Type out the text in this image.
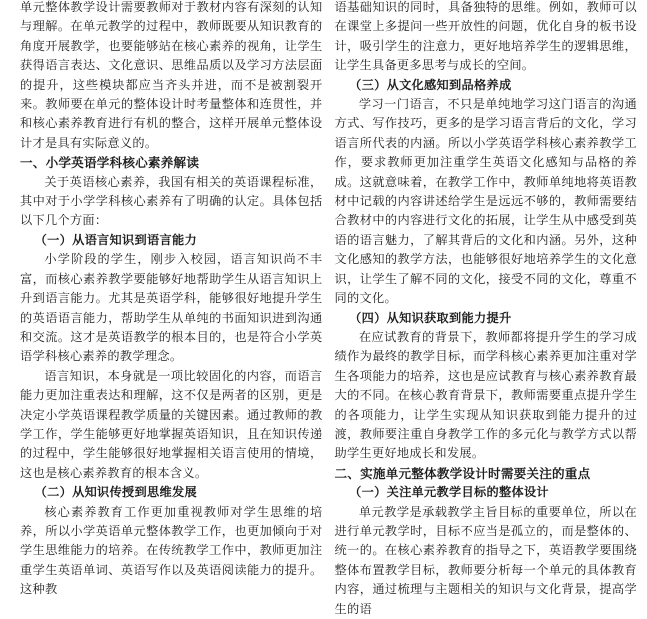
单元整体教学设计需要教师对于教材内容有深刻的认知与理解。在单元教学的过程中，教师既要从知识教育的角度开展教学，也要能够站在核心素养的视角，让学生获得语言表达、文化意识、思维品质以及学习方法层面的提升，这些模块都应当齐头并进，而不是被割裂开来。教师要在单元的整体设计时考量整体和连贯性，并和核心素养教育进行有机的整合，这样开展单元整体设计才是具有实际意义的。

一、小学英语学科核心素养解读

关于英语核心素养，我国有相关的英语课程标准，其中对于小学学科核心素养有了明确的认定。具体包括以下几个方面：

（一）从语言知识到语言能力

小学阶段的学生，刚步入校园，语言知识尚不丰富，而核心素养教学要能够好地帮助学生从语言知识上升到语言能力。尤其是英语学科，能够很好地提升学生的英语语言能力，帮助学生从单纯的书面知识进到沟通和交流。这才是英语教学的根本目的，也是符合小学英语学科核心素养的教学理念。

语言知识，本身就是一项比较固化的内容，而语言能力更加注重表达和理解，这不仅是两者的区别，更是决定小学英语课程教学质量的关键因素。通过教师的教学工作，学生能够更好地掌握英语知识，且在知识传递的过程中，学生能够很好地掌握相关语言使用的情境，这也是核心素养教育的根本含义。

（二）从知识传授到思维发展

核心素养教育工作更加重视教师对学生思维的培养，所以小学英语单元整体教学工作，也更加倾向于对学生思维能力的培养。在传统教学工作中，教师更加注重学生英语单词、英语写作以及英语阅读能力的提升。这种教

语基础知识的同时，具备独特的思维。例如，教师可以在课堂上多提问一些开放性的问题，优化自身的板书设计，吸引学生的注意力，更好地培养学生的逻辑思维，让学生具备更多思考与成长的空间。

（三）从文化感知到品格养成

学习一门语言，不只是单纯地学习这门语言的沟通方式、写作技巧，更多的是学习语言背后的文化，学习语言所代表的内涵。所以小学英语学科核心素养教学工作，要求教师更加注重学生英语文化感知与品格的养成。这就意味着，在教学工作中，教师单纯地将英语教材中记载的内容讲述给学生是远远不够的，教师需要结合教材中的内容进行文化的拓展，让学生从中感受到英语的语言魅力，了解其背后的文化和内涵。另外，这种文化感知的教学方法，也能够很好地培养学生的文化意识，让学生了解不同的文化，接受不同的文化，尊重不同的文化。

（四）从知识获取到能力提升

在应试教育的背景下，教师都将提升学生的学习成绩作为最终的教学目标，而学科核心素养更加注重对学生各项能力的培养，这也是应试教育与核心素养教育最大的不同。在核心教育背景下，教师需要重点提升学生的各项能力，让学生实现从知识获取到能力提升的过渡，教师要注重自身教学工作的多元化与教学方式以帮助学生更好地成长和发展。

二、实施单元整体教学设计时需要关注的重点
（一）关注单元教学目标的整体设计

单元教学是承载教学主旨目标的重要单位，所以在进行单元教学时，目标不应当是孤立的，而是整体的、统一的。在核心素养教育的指导之下，英语教学要围绕整体布置教学目标，教师要分析每一个单元的具体教育内容，通过梳理与主题相关的知识与文化背景，提高学生的语
